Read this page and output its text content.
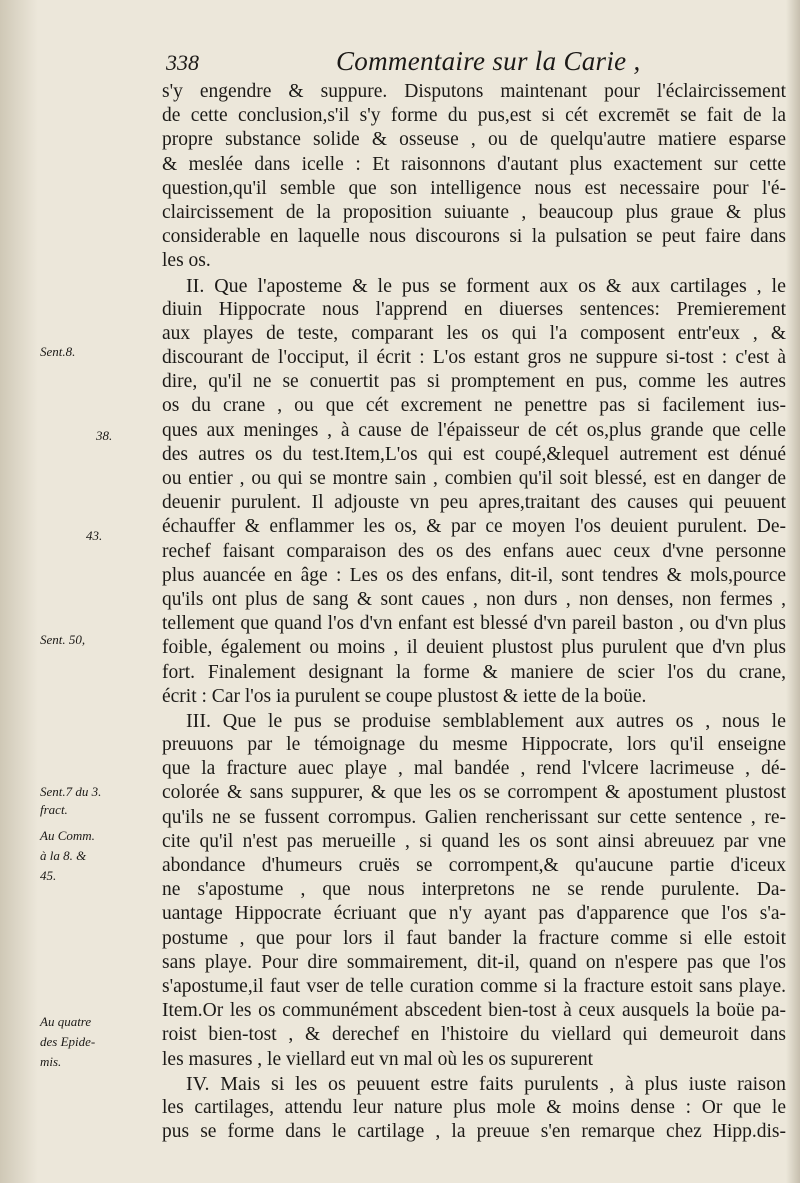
338	Commentaire sur la Carie ,
Sent.8.
38.
43.
Sent. 50,
Sent.7 du 3.
fract.
Au Comm.
à la 8. &
45.
Au quatre
des Epide-
mis.
s'y engendre & suppure. Disputons maintenant pour l'éclaircissement
de cette conclusion,s'il s'y forme du pus,est si cét excremēt se fait de la
propre substance solide & osseuse , ou de quelqu'autre matiere esparse
& meslée dans icelle : Et raisonnons d'autant plus exactement sur cette
question,qu'il semble que son intelligence nous est necessaire pour l'é-
claircissement de la proposition suiuante , beaucoup plus graue & plus
considerable en laquelle nous discourons si la pulsation se peut faire dans
les os.
II. Que l'aposteme & le pus se forment aux os & aux cartilages , le
diuin Hippocrate nous l'apprend en diuerses sentences: Premierement
aux playes de teste, comparant les os qui l'a composent entr'eux , &
discourant de l'occiput, il écrit : L'os estant gros ne suppure si-tost : c'est à
dire, qu'il ne se conuertit pas si promptement en pus, comme les autres
os du crane , ou que cét excrement ne penettre pas si facilement ius-
ques aux meninges , à cause de l'épaisseur de cét os,plus grande que celle
des autres os du test.Item,L'os qui est coupé,&lequel autrement est dénué
ou entier , ou qui se montre sain , combien qu'il soit blessé, est en danger de
deuenir purulent. Il adjouste vn peu apres,traitant des causes qui peuuent
échauffer & enflammer les os, & par ce moyen l'os deuient purulent. De-
rechef faisant comparaison des os des enfans auec ceux d'vne personne
plus auancée en âge : Les os des enfans, dit-il, sont tendres & mols,pource
qu'ils ont plus de sang & sont caues , non durs , non denses, non fermes ,
tellement que quand l'os d'vn enfant est blessé d'vn pareil baston , ou d'vn plus
foible, également ou moins , il deuient plustost plus purulent que d'vn plus
fort. Finalement designant la forme & maniere de scier l'os du crane,
écrit : Car l'os ia purulent se coupe plustost & iette de la boüe.
III. Que le pus se produise semblablement aux autres os , nous le
preuuons par le témoignage du mesme Hippocrate, lors qu'il enseigne
que la fracture auec playe , mal bandée , rend l'vlcere lacrimeuse , dé-
colorée & sans suppurer, & que les os se corrompent & apostument plustost
qu'ils ne se fussent corrompus. Galien rencherissant sur cette sentence , re-
cite qu'il n'est pas merueille , si quand les os sont ainsi abreuuez par vne
abondance d'humeurs cruës se corrompent,& qu'aucune partie d'iceux
ne s'apostume , que nous interpretons ne se rende purulente. Da-
uantage Hippocrate écriuant que n'y ayant pas d'apparence que l'os s'a-
postume , que pour lors il faut bander la fracture comme si elle estoit
sans playe. Pour dire sommairement, dit-il, quand on n'espere pas que l'os
s'apostume,il faut vser de telle curation comme si la fracture estoit sans playe.
Item.Or les os communément abscedent bien-tost à ceux ausquels la boüe pa-
roist bien-tost , & derechef en l'histoire du viellard qui demeuroit dans
les masures , le viellard eut vn mal où les os supurerent
IV. Mais si les os peuuent estre faits purulents , à plus iuste raison
les cartilages, attendu leur nature plus mole & moins dense : Or que le
pus se forme dans le cartilage , la preuue s'en remarque chez Hipp.dis-
